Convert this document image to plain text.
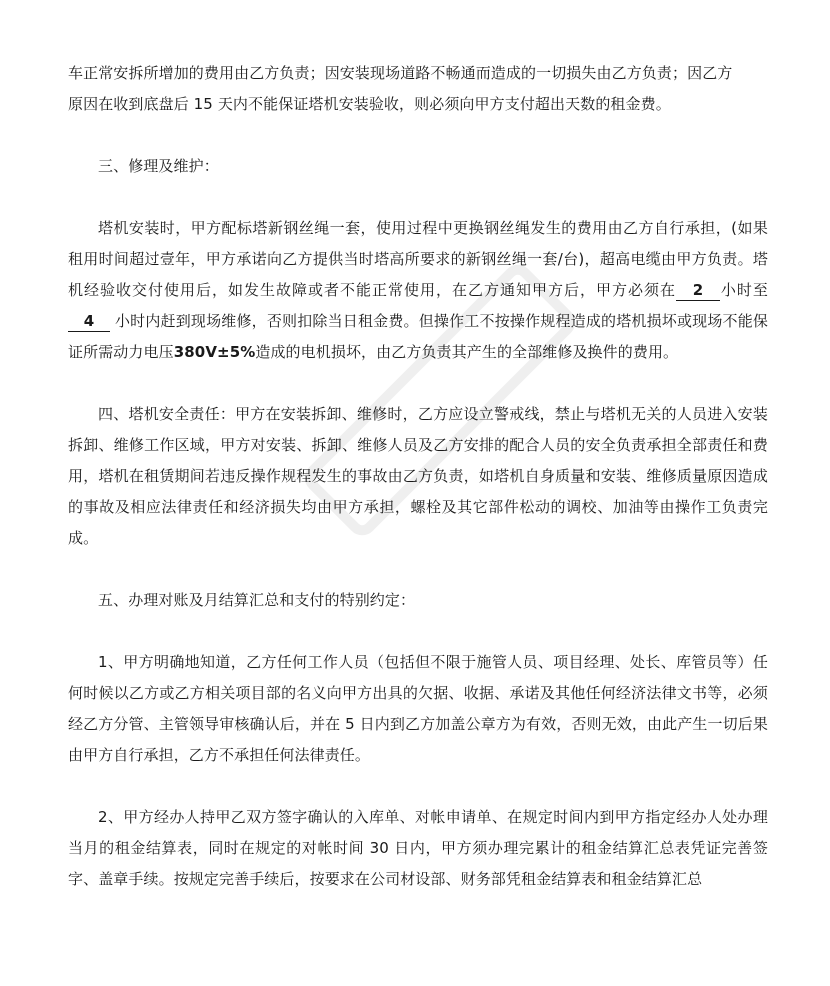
车正常安拆所增加的费用由乙方负责；因安装现场道路不畅通而造成的一切损失由乙方负责；因乙方
原因在收到底盘后 15 天内不能保证塔机安装验收，则必须向甲方支付超出天数的租金费。

三、修理及维护：

塔机安装时，甲方配标塔新钢丝绳一套，使用过程中更换钢丝绳发生的费用由乙方自行承担，(如果租用时间超过壹年，甲方承诺向乙方提供当时塔高所要求的新钢丝绳一套/台)，超高电缆由甲方负责。塔机经验收交付使用后，如发生故障或者不能正常使用，在乙方通知甲方后，甲方必须在 2 小时至 4 小时内赶到现场维修，否则扣除当日租金费。但操作工不按操作规程造成的塔机损坏或现场不能保证所需动力电压380V±5%造成的电机损坏，由乙方负责其产生的全部维修及换件的费用。

四、塔机安全责任：甲方在安装拆卸、维修时，乙方应设立警戒线，禁止与塔机无关的人员进入安装拆卸、维修工作区域，甲方对安装、拆卸、维修人员及乙方安排的配合人员的安全负责承担全部责任和费用，塔机在租赁期间若违反操作规程发生的事故由乙方负责，如塔机自身质量和安装、维修质量原因造成的事故及相应法律责任和经济损失均由甲方承担，螺栓及其它部件松动的调校、加油等由操作工负责完成。

五、办理对账及月结算汇总和支付的特别约定：

1、甲方明确地知道，乙方任何工作人员（包括但不限于施管人员、项目经理、处长、库管员等）任何时候以乙方或乙方相关项目部的名义向甲方出具的欠据、收据、承诺及其他任何经济法律文书等，必须经乙方分管、主管领导审核确认后，并在 5 日内到乙方加盖公章方为有效，否则无效，由此产生一切后果由甲方自行承担，乙方不承担任何法律责任。

2、甲方经办人持甲乙双方签字确认的入库单、对帐申请单、在规定时间内到甲方指定经办人处办理当月的租金结算表，同时在规定的对帐时间 30 日内，甲方须办理完累计的租金结算汇总表凭证完善签字、盖章手续。按规定完善手续后，按要求在公司材设部、财务部凭租金结算表和租金结算汇总
